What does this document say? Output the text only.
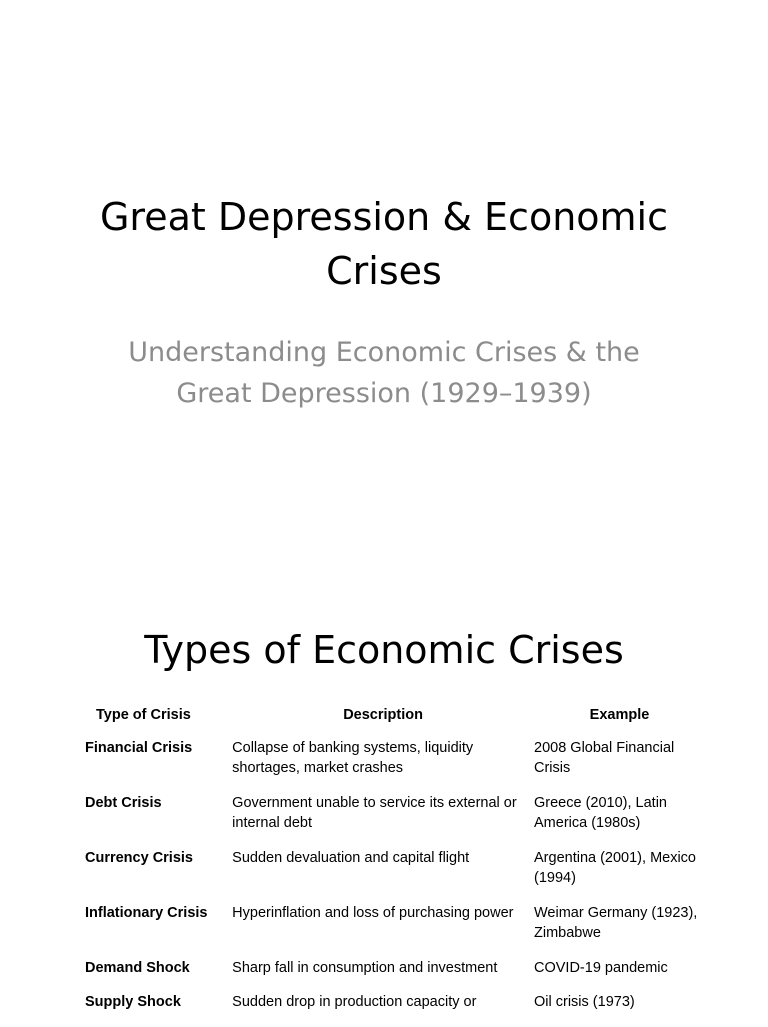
Great Depression & Economic
Crises
Understanding Economic Crises & the
Great Depression (1929–1939)
Types of Economic Crises
Type of Crisis	Description	Example
Financial Crisis	Collapse of banking systems, liquidity shortages, market crashes	2008 Global Financial Crisis
Debt Crisis	Government unable to service its external or internal debt	Greece (2010), Latin America (1980s)
Currency Crisis	Sudden devaluation and capital flight	Argentina (2001), Mexico (1994)
Inflationary Crisis	Hyperinflation and loss of purchasing power	Weimar Germany (1923), Zimbabwe
Demand Shock	Sharp fall in consumption and investment	COVID-19 pandemic
Supply Shock	Sudden drop in production capacity or	Oil crisis (1973)
